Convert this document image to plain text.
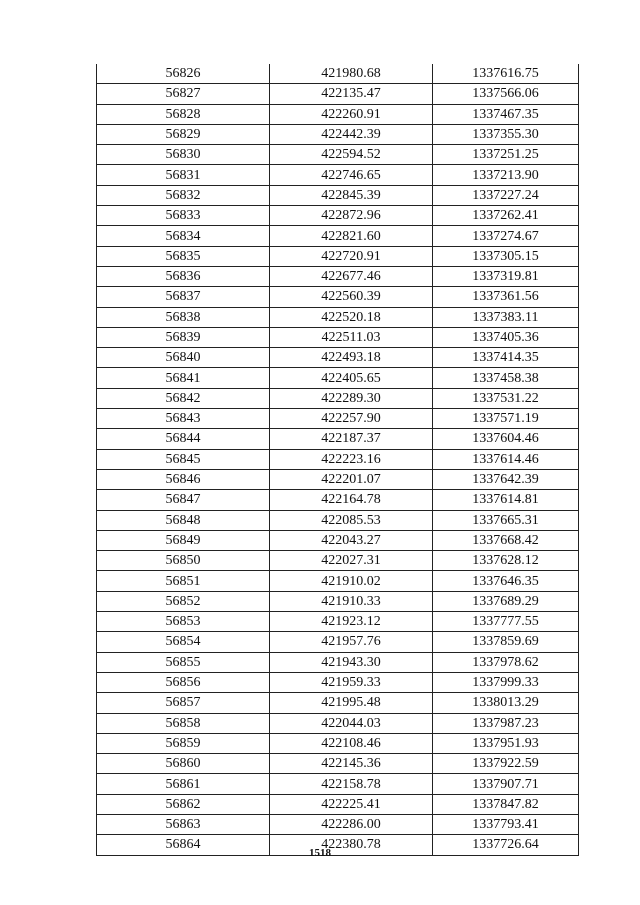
56826	421980.68	1337616.75
56827	422135.47	1337566.06
56828	422260.91	1337467.35
56829	422442.39	1337355.30
56830	422594.52	1337251.25
56831	422746.65	1337213.90
56832	422845.39	1337227.24
56833	422872.96	1337262.41
56834	422821.60	1337274.67
56835	422720.91	1337305.15
56836	422677.46	1337319.81
56837	422560.39	1337361.56
56838	422520.18	1337383.11
56839	422511.03	1337405.36
56840	422493.18	1337414.35
56841	422405.65	1337458.38
56842	422289.30	1337531.22
56843	422257.90	1337571.19
56844	422187.37	1337604.46
56845	422223.16	1337614.46
56846	422201.07	1337642.39
56847	422164.78	1337614.81
56848	422085.53	1337665.31
56849	422043.27	1337668.42
56850	422027.31	1337628.12
56851	421910.02	1337646.35
56852	421910.33	1337689.29
56853	421923.12	1337777.55
56854	421957.76	1337859.69
56855	421943.30	1337978.62
56856	421959.33	1337999.33
56857	421995.48	1338013.29
56858	422044.03	1337987.23
56859	422108.46	1337951.93
56860	422145.36	1337922.59
56861	422158.78	1337907.71
56862	422225.41	1337847.82
56863	422286.00	1337793.41
56864	422380.78	1337726.64
1518
